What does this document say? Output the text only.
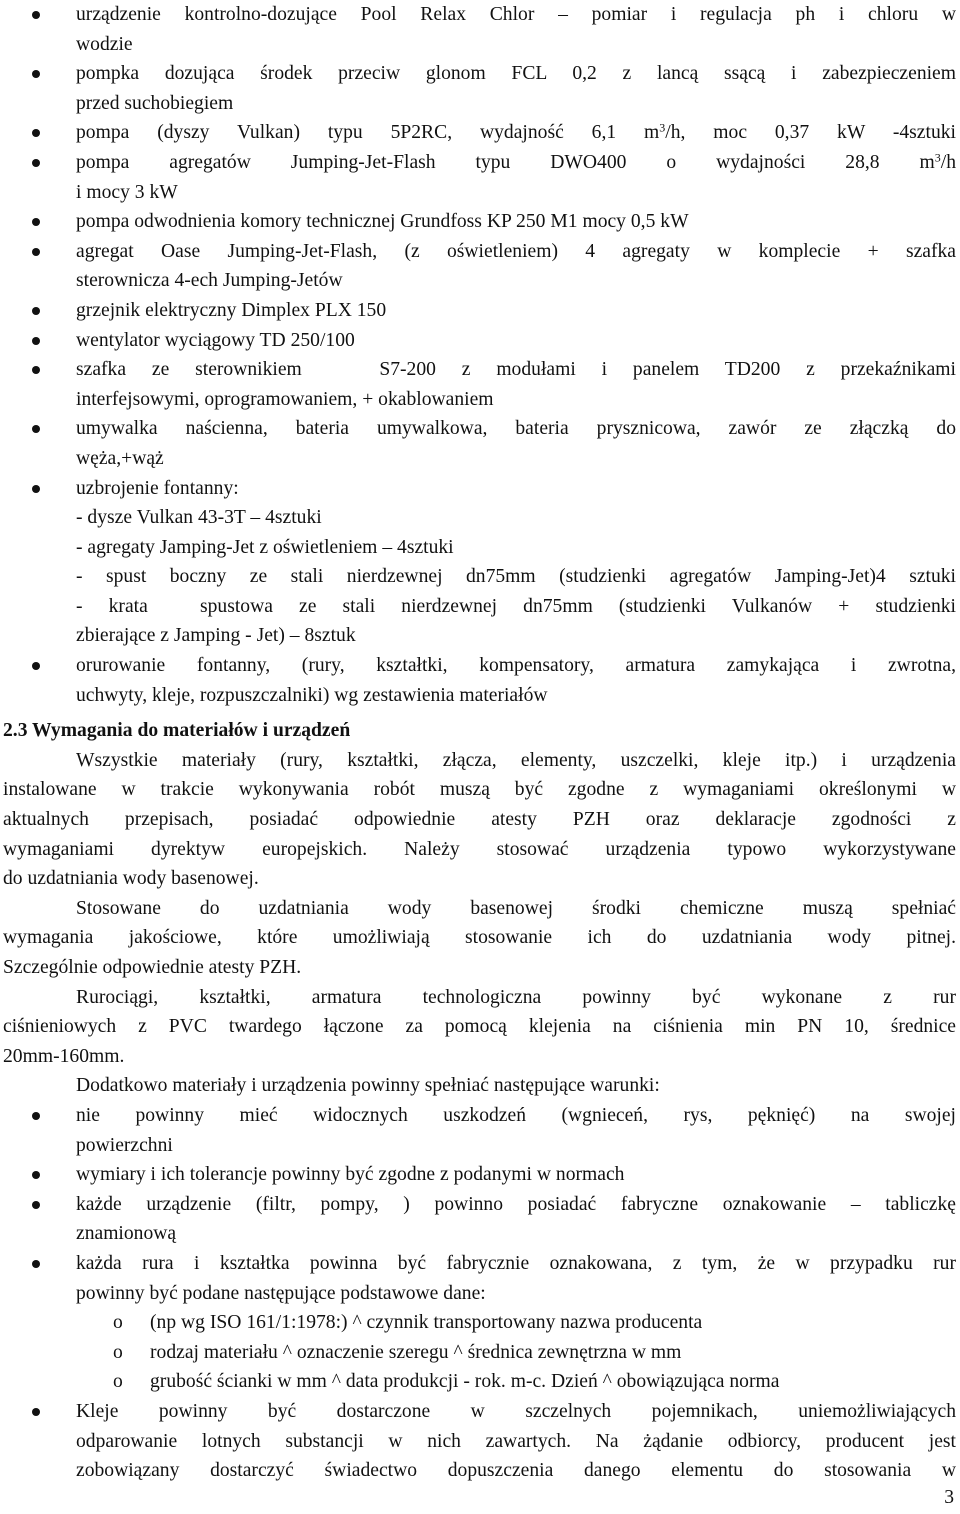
urządzenie kontrolno-dozujące Pool Relax Chlor – pomiar i regulacja ph i chloru w
wodzie
pompka dozująca środek przeciw glonom FCL 0,2 z lancą ssącą i zabezpieczeniem
przed suchobiegiem
pompa (dyszy Vulkan) typu 5P2RC, wydajność 6,1 $m^3/h$, moc 0,37 kW -4sztuki
pompa agregatów Jumping-Jet-Flash typu DWO400 o wydajności 28,8 $m^3/h$
i mocy 3 kW
pompa odwodnienia komory technicznej Grundfoss KP 250 M1 mocy 0,5 kW
agregat Oase Jumping-Jet-Flash, (z oświetleniem) 4 agregaty w komplecie + szafka
sterownicza 4-ech Jumping-Jetów
grzejnik elektryczny Dimplex PLX 150
wentylator wyciągowy TD 250/100
szafka ze sterownikiem   S7-200 z modułami i panelem TD200 z przekaźnikami
interfejsowymi, oprogramowaniem, + okablowaniem
umywalka naścienna, bateria umywalkowa, bateria prysznicowa, zawór ze złączką do
węża,+wąż
uzbrojenie fontanny:
- dysze Vulkan 43-3T – 4sztuki
- agregaty Jamping-Jet z oświetleniem – 4sztuki
- spust boczny ze stali nierdzewnej dn75mm (studzienki agregatów Jamping-Jet)4 sztuki
- krata  spustowa ze stali nierdzewnej dn75mm (studzienki Vulkanów + studzienki
zbierające z Jamping - Jet) – 8sztuk
orurowanie fontanny, (rury, kształtki, kompensatory, armatura zamykająca i zwrotna,
uchwyty, kleje, rozpuszczalniki) wg zestawienia materiałów
2.3 Wymagania do materiałów i urządzeń
Wszystkie materiały (rury, kształtki, złącza, elementy, uszczelki, kleje itp.) i urządzenia
instalowane w trakcie wykonywania robót muszą być zgodne z wymaganiami określonymi w
aktualnych przepisach, posiadać odpowiednie atesty PZH oraz deklaracje zgodności z
wymaganiami dyrektyw europejskich. Należy stosować urządzenia typowo wykorzystywane
do uzdatniania wody basenowej.
Stosowane do uzdatniania wody basenowej środki chemiczne muszą spełniać
wymagania jakościowe, które umożliwiają stosowanie ich do uzdatniania wody pitnej.
Szczególnie odpowiednie atesty PZH.
Rurociągi, kształtki, armatura technologiczna powinny być wykonane z rur
ciśnieniowych z PVC twardego łączone za pomocą klejenia na ciśnienia min PN 10, średnice
20mm-160mm.
Dodatkowo materiały i urządzenia powinny spełniać następujące warunki:
nie powinny mieć widocznych uszkodzeń (wgnieceń, rys, pęknięć) na swojej
powierzchni
wymiary i ich tolerancje powinny być zgodne z podanymi w normach
każde urządzenie (filtr, pompy, ) powinno posiadać fabryczne oznakowanie – tabliczkę
znamionową
każda rura i kształtka powinna być fabrycznie oznakowana, z tym, że w przypadku rur
powinny być podane następujące podstawowe dane:
o (np wg ISO 161/1:1978:) ^ czynnik transportowany nazwa producenta
o rodzaj materiału ^ oznaczenie szeregu ^ średnica zewnętrzna w mm
o grubość ścianki w mm ^ data produkcji - rok. m-c. Dzień ^ obowiązująca norma
Kleje powinny być dostarczone w szczelnych pojemnikach, uniemożliwiających
odparowanie lotnych substancji w nich zawartych. Na żądanie odbiorcy, producent jest
zobowiązany dostarczyć świadectwo dopuszczenia danego elementu do stosowania w
3
